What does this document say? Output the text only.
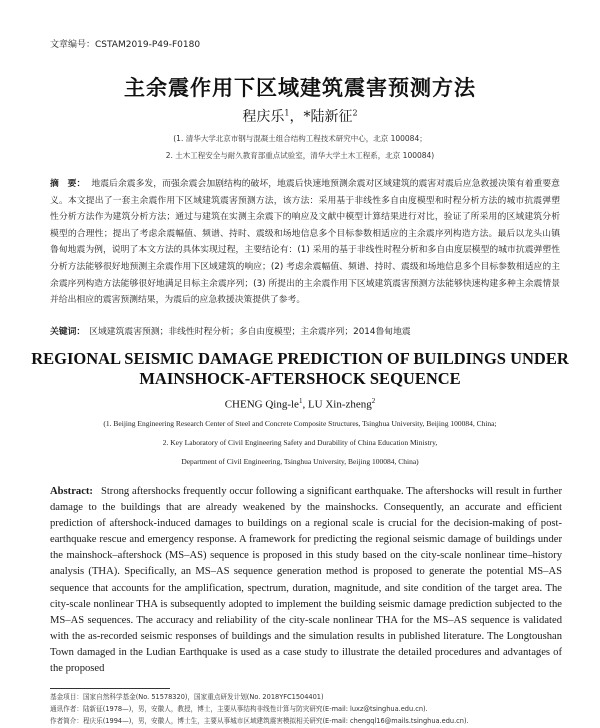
文章编号：CSTAM2019-P49-F0180
主余震作用下区域建筑震害预测方法
程庆乐$^1$，*陆新征$^2$
(1. 清华大学北京市钢与混凝土组合结构工程技术研究中心，北京 100084；
2. 土木工程安全与耐久教育部重点试验室，清华大学土木工程系，北京 100084)
摘　要： 地震后余震多发，而强余震会加剧结构的破坏，地震后快速地预测余震对区域建筑的震害对震后应急救援决策有着重要意义。本文提出了一套主余震作用下区域建筑震害预测方法，该方法：采用基于非线性多自由度模型和时程分析方法的城市抗震弹塑性分析方法作为建筑分析方法；通过与建筑在实测主余震下的响应及文献中模型计算结果进行对比，验证了所采用的区域建筑分析模型的合理性；提出了考虑余震幅值、频谱、持时、震级和场地信息多个目标参数相适应的主余震序列构造方法。最后以龙头山镇鲁甸地震为例，说明了本文方法的具体实现过程，主要结论有：(1) 采用的基于非线性时程分析和多自由度层模型的城市抗震弹塑性分析方法能够很好地预测主余震作用下区域建筑的响应；(2) 考虑余震幅值、频谱、持时、震级和场地信息多个目标参数相适应的主余震序列构造方法能够很好地满足目标主余震序列；(3) 所提出的主余震作用下区域建筑震害预测方法能够快速构建多种主余震情景并给出相应的震害预测结果，为震后的应急救援决策提供了参考。
关键词： 区域建筑震害预测；非线性时程分析；多自由度模型；主余震序列；2014鲁甸地震
REGIONAL SEISMIC DAMAGE PREDICTION OF BUILDINGS UNDER
MAINSHOCK-AFTERSHOCK SEQUENCE
CHENG Qing-$le^1$, LU Xin-zheng$^2$
(1. Beijing Engineering Research Center of Steel and Concrete Composite Structures, Tsinghua University, Beijing 100084, China;
2. Key Laboratory of Civil Engineering Safety and Durability of China Education Ministry,
Department of Civil Engineering, Tsinghua University, Beijing 100084, China)
Abstract: Strong aftershocks frequently occur following a significant earthquake. The aftershocks will result in further damage to the buildings that are already weakened by the mainshocks. Consequently, an accurate and efficient prediction of aftershock-induced damages to buildings on a regional scale is crucial for the decision-making of post-earthquake rescue and emergency response. A framework for predicting the regional seismic damage of buildings under the mainshock–aftershock (MS–AS) sequence is proposed in this study based on the city-scale nonlinear time–history analysis (THA). Specifically, an MS–AS sequence generation method is proposed to generate the potential MS–AS sequence that accounts for the amplification, spectrum, duration, magnitude, and site condition of the target area. The city-scale nonlinear THA is subsequently adopted to implement the building seismic damage prediction subjected to the MS–AS sequences. The accuracy and reliability of the city-scale nonlinear THA for the MS–AS sequence is validated with the as-recorded seismic responses of buildings and the simulation results in published literature. The Longtoushan Town damaged in the Ludian Earthquake is used as a case study to illustrate the detailed procedures and advantages of the proposed
基金项目：国家自然科学基金(No. 51578320)，国家重点研发计划(No. 2018YFC1504401)
通讯作者：陆新征(1978—)，男，安徽人，教授，博士，主要从事结构非线性计算与防灾研究(E-mail: luxz@tsinghua.edu.cn).
作者简介：程庆乐(1994—)，男，安徽人，博士生，主要从事城市区域建筑震害模拟相关研究(E-mail: chengql16@mails.tsinghua.edu.cn).
